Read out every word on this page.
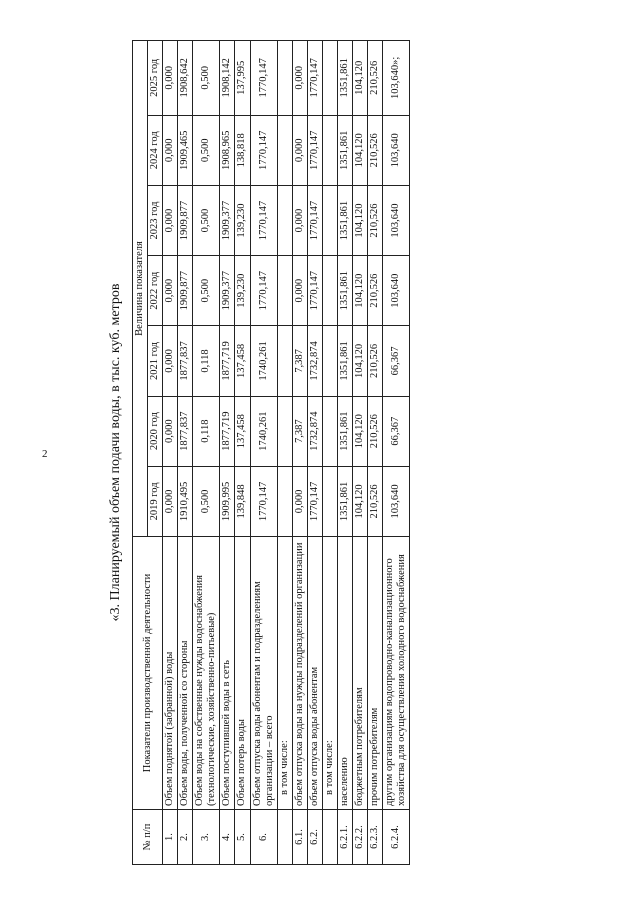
2	«3. Планируемый объем подачи воды, в тыс. куб. метров
№ п/п	Показатели производственной деятельности	Величина показателя						
		2019 год	2020 год	2021 год	2022 год	2023 год	2024 год	2025 год
1.	Объем поднятой (забранной) воды	0,000	0,000	0,000	0,000	0,000	0,000	0,000
2.	Объем воды, полученной со стороны	1910,495	1877,837	1877,837	1909,877	1909,877	1909,465	1908,642
3.	Объем воды на собственные нужды водоснабжения (технологические, хозяйственно-питьевые)	0,500	0,118	0,118	0,500	0,500	0,500	0,500
4.	Объем поступившей воды в сеть	1909,995	1877,719	1877,719	1909,377	1909,377	1908,965	1908,142
5.	Объем потерь воды	139,848	137,458	137,458	139,230	139,230	138,818	137,995
6.	Объем отпуска воды абонентам и подразделениям организации – всего	1770,147	1740,261	1740,261	1770,147	1770,147	1770,147	1770,147
	в том числе:							
6.1.	объем отпуска воды на нужды подразделений организации	0,000	7,387	7,387	0,000	0,000	0,000	0,000
6.2.	объем отпуска воды абонентам	1770,147	1732,874	1732,874	1770,147	1770,147	1770,147	1770,147
	в том числе:							
6.2.1.	населению	1351,861	1351,861	1351,861	1351,861	1351,861	1351,861	1351,861
6.2.2.	бюджетным потребителям	104,120	104,120	104,120	104,120	104,120	104,120	104,120
6.2.3.	прочим потребителям	210,526	210,526	210,526	210,526	210,526	210,526	210,526
6.2.4.	другим организациям водопроводно-канализационного хозяйства для осуществления холодного водоснабжения	103,640	66,367	66,367	103,640	103,640	103,640	103,640»;
